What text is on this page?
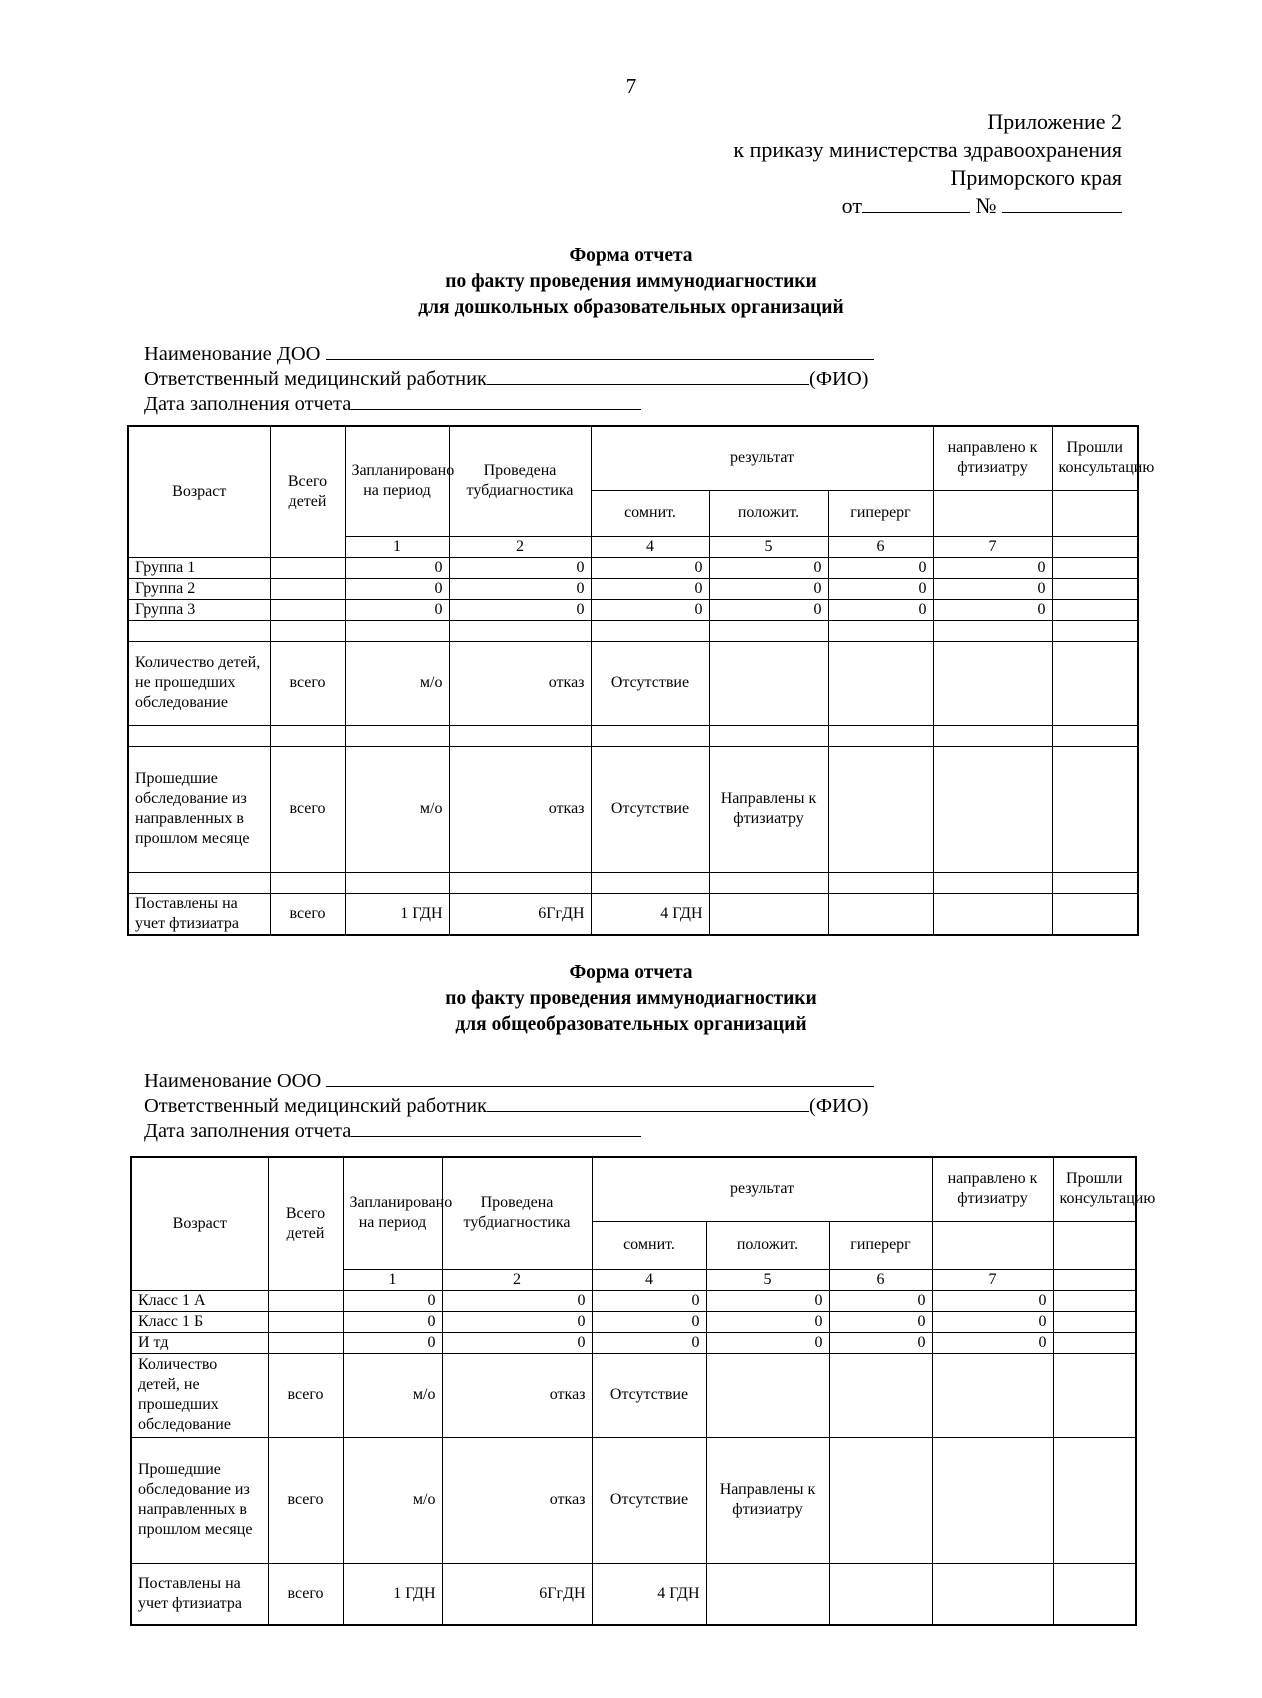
7
Приложение 2
к приказу министерства здравоохранения
Приморского края
от	№
Форма отчета
по факту проведения иммунодиагностики
для дошкольных образовательных организаций
Наименование ДОО
Ответственный медицинский работник	(ФИО)
Дата заполнения отчета
Возраст	Всего детей	Запланировано на период	Проведена тубдиагностика	результат			направлено к фтизиатру	Прошли консультацию
				сомнит.	положит.	гиперерг		
		1	2	4	5	6	7	
Группа 1		0	0	0	0	0	0	
Группа 2		0	0	0	0	0	0	
Группа 3		0	0	0	0	0	0	

Количество детей, не прошедших обследование	всего	м/о	отказ	Отсутствие				

Прошедшие обследование из направленных в прошлом месяце	всего	м/о	отказ	Отсутствие	Направлены к фтизиатру			

Поставлены на учет фтизиатра	всего	1 ГДН	6ГгДН	4 ГДН				
Форма отчета
по факту проведения иммунодиагностики
для общеобразовательных организаций
Наименование ООО
Ответственный медицинский работник	(ФИО)
Дата заполнения отчета
Возраст	Всего детей	Запланировано на период	Проведена тубдиагностика	результат			направлено к фтизиатру	Прошли консультацию
				сомнит.	положит.	гиперерг		
		1	2	4	5	6	7	
Класс 1 А		0	0	0	0	0	0	
Класс 1 Б		0	0	0	0	0	0	
И тд		0	0	0	0	0	0	
Количество детей, не прошедших обследование	всего	м/о	отказ	Отсутствие				
Прошедшие обследование из направленных в прошлом месяце	всего	м/о	отказ	Отсутствие	Направлены к фтизиатру			
Поставлены на учет фтизиатра	всего	1 ГДН	6ГгДН	4 ГДН				
